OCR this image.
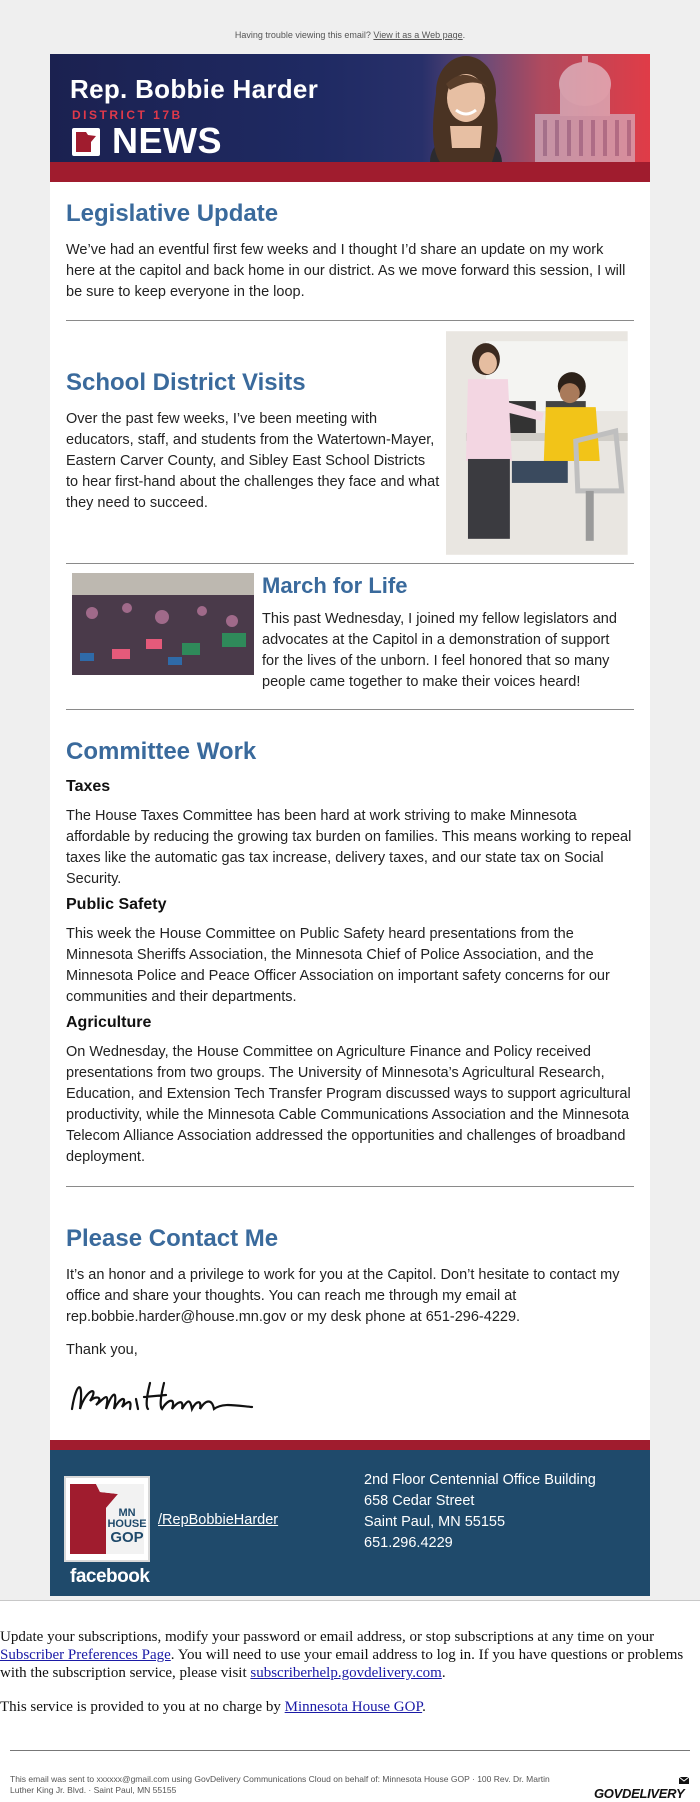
Having trouble viewing this email? View it as a Web page.
Rep. Bobbie Harder
DISTRICT 17B
NEWS
Legislative Update

We’ve had an eventful first few weeks and I thought I’d share an update on my work here at the capitol and back home in our district. As we move forward this session, I will be sure to keep everyone in the loop.

School District Visits

Over the past few weeks, I’ve been meeting with educators, staff, and students from the Watertown-Mayer, Eastern Carver County, and Sibley East School Districts to hear first-hand about the challenges they face and what they need to succeed.

March for Life

This past Wednesday, I joined my fellow legislators and advocates at the Capitol in a demonstration of support for the lives of the unborn. I feel honored that so many people came together to make their voices heard!

Committee Work
Taxes

The House Taxes Committee has been hard at work striving to make Minnesota affordable by reducing the growing tax burden on families. This means working to repeal taxes like the automatic gas tax increase, delivery taxes, and our state tax on Social Security.

Public Safety

This week the House Committee on Public Safety heard presentations from the Minnesota Sheriffs Association, the Minnesota Chief of Police Association, and the Minnesota Police and Peace Officer Association on important safety concerns for our communities and their departments.

Agriculture

On Wednesday, the House Committee on Agriculture Finance and Policy received presentations from two groups. The University of Minnesota’s Agricultural Research, Education, and Extension Tech Transfer Program discussed ways to support agricultural productivity, while the Minnesota Cable Communications Association and the Minnesota Telecom Alliance Association addressed the opportunities and challenges of broadband deployment.

Please Contact Me

It’s an honor and a privilege to work for you at the Capitol. Don’t hesitate to contact my office and share your thoughts. You can reach me through my email at rep.bobbie.harder@house.mn.gov or my desk phone at 651-296-4229.

Thank you,

MN HOUSE
GOP
facebook
/RepBobbieHarder
2nd Floor Centennial Office Building
658 Cedar Street
Saint Paul, MN 55155
651.296.4229

Update your subscriptions, modify your password or email address, or stop subscriptions at any time on your Subscriber Preferences Page. You will need to use your email address to log in. If you have questions or problems with the subscription service, please visit subscriberhelp.govdelivery.com.

This service is provided to you at no charge by Minnesota House GOP.

This email was sent to xxxxxx@gmail.com using GovDelivery Communications Cloud on behalf of: Minnesota House GOP · 100 Rev. Dr. Martin Luther King Jr. Blvd. · Saint Paul, MN 55155	GOVDELIVERY
